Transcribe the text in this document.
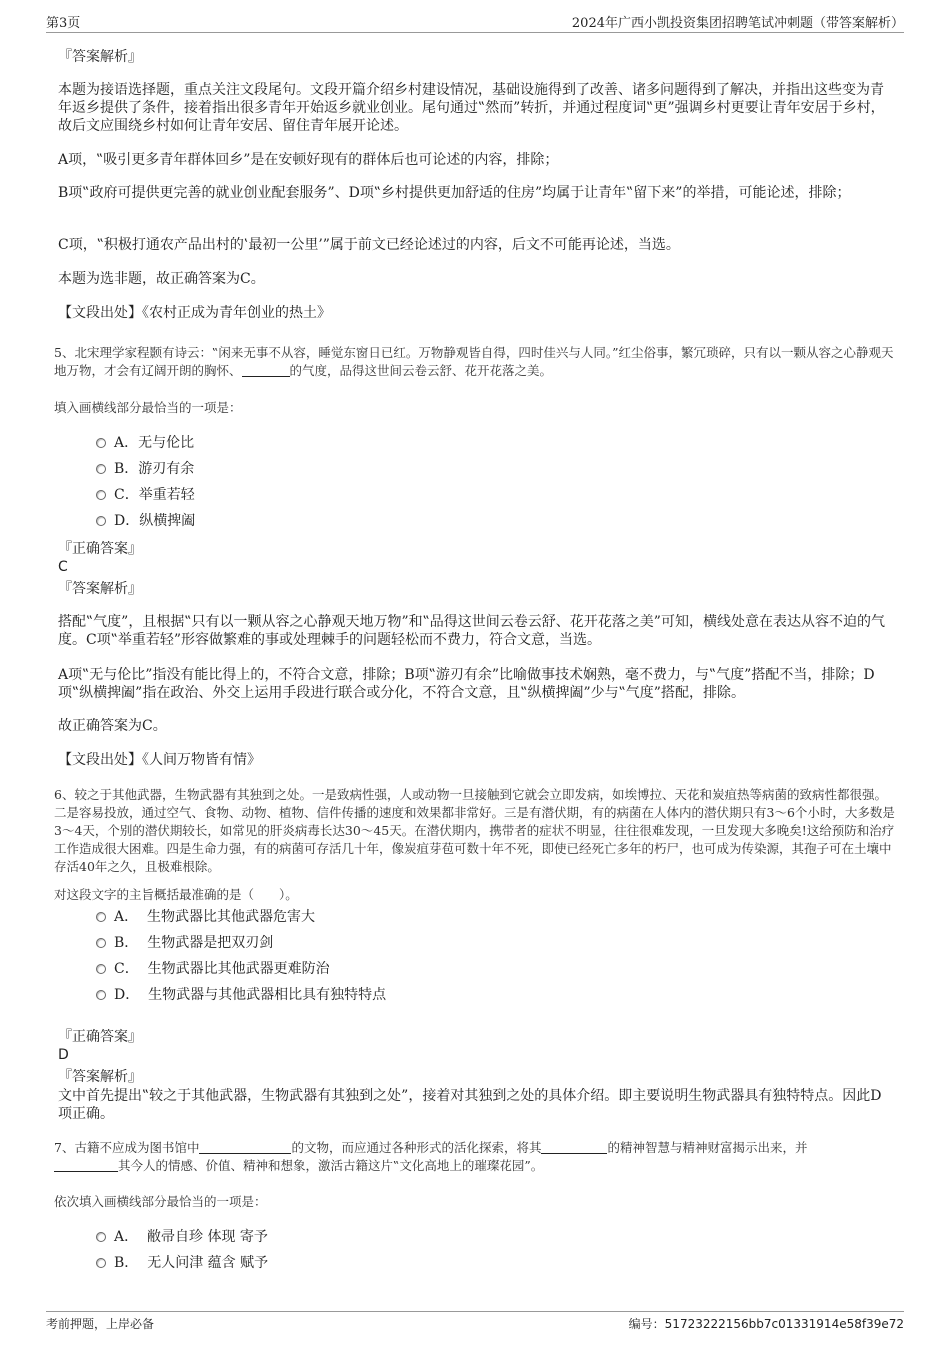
第3页	2024年广西小凯投资集团招聘笔试冲刺题（带答案解析）
『答案解析』
本题为接语选择题，重点关注文段尾句。文段开篇介绍乡村建设情况，基础设施得到了改善、诸多问题得到了解决，并指出这些变为青年返乡提供了条件，接着指出很多青年开始返乡就业创业。尾句通过‟然而”转折，并通过程度词‟更”强调乡村更要让青年安居于乡村，故后文应围绕乡村如何让青年安居、留住青年展开论述。
A项，‟吸引更多青年群体回乡”是在安顿好现有的群体后也可论述的内容，排除；
B项‟政府可提供更完善的就业创业配套服务”、D项‟乡村提供更加舒适的住房”均属于让青年‟留下来”的举措，可能论述，排除；
C项，‟积极打通农产品出村的‛最初一公里’”属于前文已经论述过的内容，后文不可能再论述，当选。
本题为选非题，故正确答案为C。
【文段出处】《农村正成为青年创业的热土》
5、北宋理学家程颢有诗云：‟闲来无事不从容，睡觉东窗日已红。万物静观皆自得，四时佳兴与人同。”红尘俗事，繁冗琐碎，只有以一颗从容之心静观天地万物，才会有辽阔开朗的胸怀、	的气度，品得这世间云卷云舒、花开花落之美。
填入画横线部分最恰当的一项是：
A．无与伦比
B．游刃有余
C．举重若轻
D．纵横捭阖
『正确答案』
C
『答案解析』
搭配‟气度”，且根据‟只有以一颗从容之心静观天地万物”和‟品得这世间云卷云舒、花开花落之美”可知，横线处意在表达从容不迫的气度。C项‟举重若轻”形容做繁难的事或处理棘手的问题轻松而不费力，符合文意，当选。
A项‟无与伦比”指没有能比得上的，不符合文意，排除；B项‟游刃有余”比喻做事技术娴熟，毫不费力，与‟气度”搭配不当，排除；D项‟纵横捭阖”指在政治、外交上运用手段进行联合或分化，不符合文意，且‟纵横捭阖”少与‟气度”搭配，排除。
故正确答案为C。
【文段出处】《人间万物皆有情》
6、较之于其他武器，生物武器有其独到之处。一是致病性强，人或动物一旦接触到它就会立即发病，如埃博拉、天花和炭疽热等病菌的致病性都很强。二是容易投放，通过空气、食物、动物、植物、信件传播的速度和效果都非常好。三是有潜伏期，有的病菌在人体内的潜伏期只有3～6个小时，大多数是3～4天，个别的潜伏期较长，如常见的肝炎病毒长达30～45天。在潜伏期内，携带者的症状不明显，往往很难发现，一旦发现大多晚矣!这给预防和治疗工作造成很大困难。四是生命力强，有的病菌可存活几十年，像炭疽芽苞可数十年不死，即使已经死亡多年的朽尸，也可成为传染源，其孢子可在土壤中存活40年之久，且极难根除。
对这段文字的主旨概括最准确的是（　　）。
A． 生物武器比其他武器危害大
B． 生物武器是把双刃剑
C． 生物武器比其他武器更难防治
D． 生物武器与其他武器相比具有独特特点
『正确答案』
D
『答案解析』
文中首先提出‟较之于其他武器，生物武器有其独到之处”，接着对其独到之处的具体介绍。即主要说明生物武器具有独特特点。因此D项正确。
7、古籍不应成为图书馆中	的文物，而应通过各种形式的活化探索，将其	的精神智慧与精神财富揭示出来，并
其今人的情感、价值、精神和想象，激活古籍这片‟文化高地上的璀璨花园”。
依次填入画横线部分最恰当的一项是：
A． 敝帚自珍 体现 寄予
B． 无人问津 蕴含 赋予
考前押题，上岸必备	编号：51723222156bb7c01331914e58f39e72
